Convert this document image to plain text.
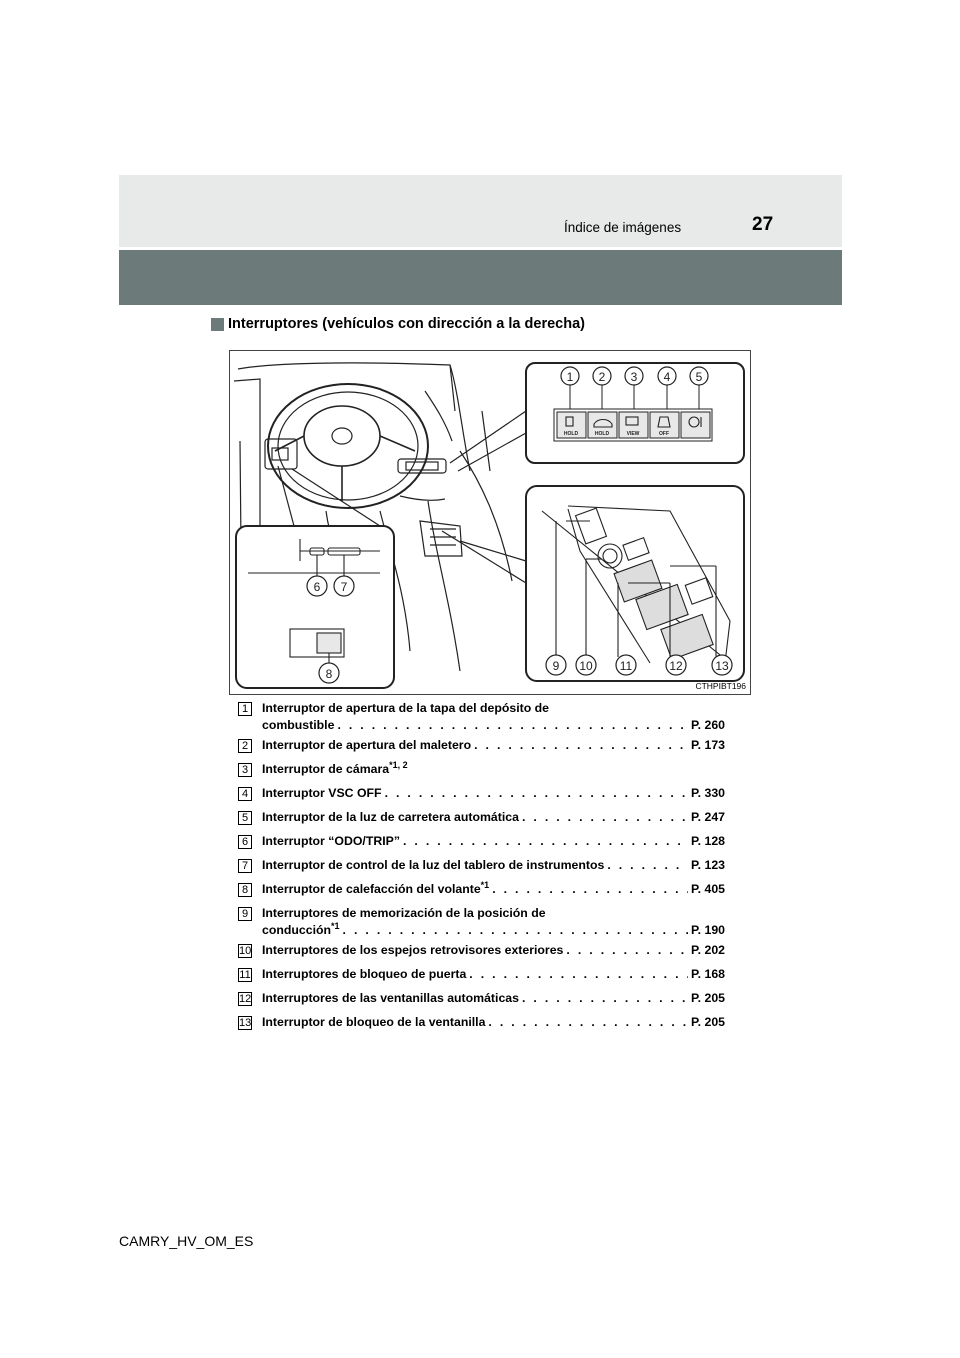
Índice de imágenes	27
Interruptores (vehículos con dirección a la derecha)
HOLD	HOLD	VIEW	OFF
1 2 3 4 5
9 10 11	12	13
6 7
8
CTHPIBT196
1	Interruptor de apertura de la tapa del depósito de
combustible . . .	P. 260
2	Interruptor de apertura del maletero . . .	P. 173
3	Interruptor de cámara$^{*1, 2}$
4	Interruptor VSC OFF . . .	P. 330
5	Interruptor de la luz de carretera automática . . .	P. 247
6	Interruptor “ODO/TRIP” . . .	P. 128
7	Interruptor de control de la luz del tablero de instrumentos . . .	P. 123
8	Interruptor de calefacción del volante$^{*1}$ . . .	P. 405
9	Interruptores de memorización de la posición de
conducción$^{*1}$ . . .	P. 190
10 Interruptores de los espejos retrovisores exteriores . . .	P. 202
11 Interruptores de bloqueo de puerta . . .	P. 168
12 Interruptores de las ventanillas automáticas . . .	P. 205
13 Interruptor de bloqueo de la ventanilla . . .	P. 205
CAMRY_HV_OM_ES
